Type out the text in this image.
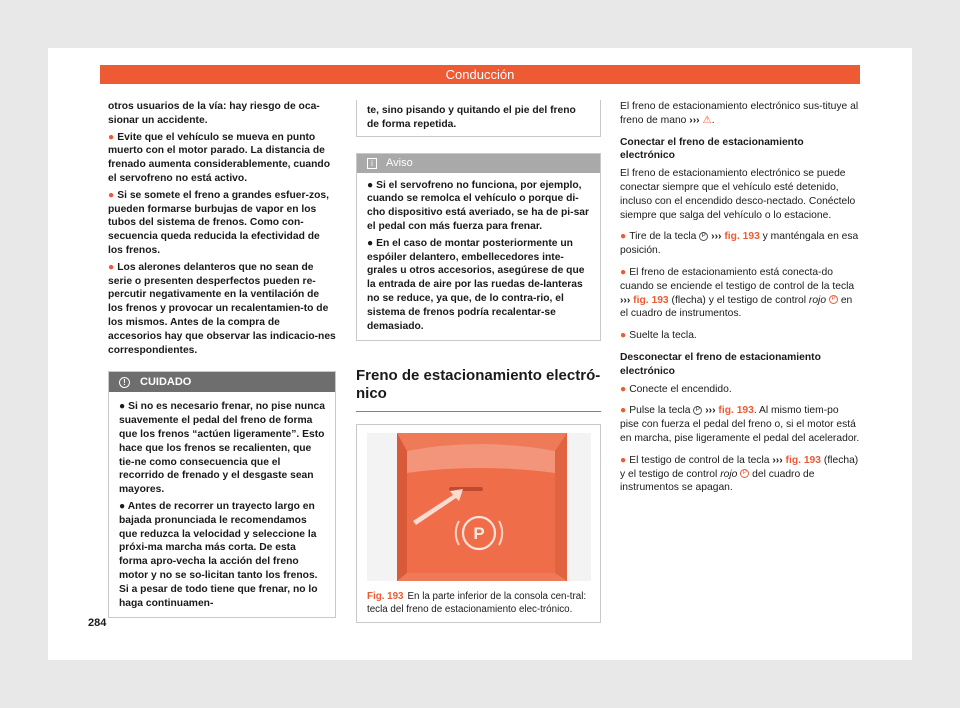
Conducción

otros usuarios de la vía: hay riesgo de oca-sionar un accidente.

● Evite que el vehículo se mueva en punto muerto con el motor parado. La distancia de frenado aumenta considerablemente, cuando el servofreno no está activo.

● Si se somete el freno a grandes esfuer-zos, pueden formarse burbujas de vapor en los tubos del sistema de frenos. Como con-secuencia queda reducida la efectividad de los frenos.

● Los alerones delanteros que no sean de serie o presenten desperfectos pueden re-percutir negativamente en la ventilación de los frenos y provocar un recalentamien-to de los mismos. Antes de la compra de accesorios hay que observar las indicacio-nes correspondientes.

! CUIDADO

● Si no es necesario frenar, no pise nunca suavemente el pedal del freno de forma que los frenos “actúen ligeramente”. Esto hace que los frenos se recalienten, que tie-ne como consecuencia que el recorrido de frenado y el desgaste sean mayores.

● Antes de recorrer un trayecto largo en bajada pronunciada le recomendamos que reduzca la velocidad y seleccione la próxi-ma marcha más corta. De esta forma apro-vecha la acción del freno motor y no se so-licitan tanto los frenos. Si a pesar de todo tiene que frenar, no lo haga continuamen-

te, sino pisando y quitando el pie del freno de forma repetida.
i Aviso

● Si el servofreno no funciona, por ejemplo, cuando se remolca el vehículo o porque di-cho dispositivo está averiado, se ha de pi-sar el pedal con más fuerza para frenar.

● En el caso de montar posteriormente un espóiler delantero, embellecedores inte-grales u otros accesorios, asegúrese de que la entrada de aire por las ruedas de-lanteras no se reduce, ya que, de lo contra-rio, el sistema de frenos podría recalentar-se demasiado.

Freno de estacionamiento electró-nico
P
Fig. 193 En la parte inferior de la consola cen-tral: tecla del freno de estacionamiento elec-trónico.

El freno de estacionamiento electrónico sus-tituye al freno de mano ››› ⚠.

Conectar el freno de estacionamiento electrónico

El freno de estacionamiento electrónico se puede conectar siempre que el vehículo esté detenido, incluso con el encendido desco-nectado. Conéctelo siempre que salga del vehículo o lo estacione.

● Tire de la tecla P ››› fig. 193 y manténgala en esa posición.

● El freno de estacionamiento está conecta-do cuando se enciende el testigo de control de la tecla ››› fig. 193 (flecha) y el testigo de control rojo P en el cuadro de instrumentos.

● Suelte la tecla.

Desconectar el freno de estacionamiento electrónico

● Conecte el encendido.

● Pulse la tecla P ››› fig. 193. Al mismo tiem-po pise con fuerza el pedal del freno o, si el motor está en marcha, pise ligeramente el pedal del acelerador.

● El testigo de control de la tecla ››› fig. 193 (flecha) y el testigo de control rojo P del cuadro de instrumentos se apagan.

284
